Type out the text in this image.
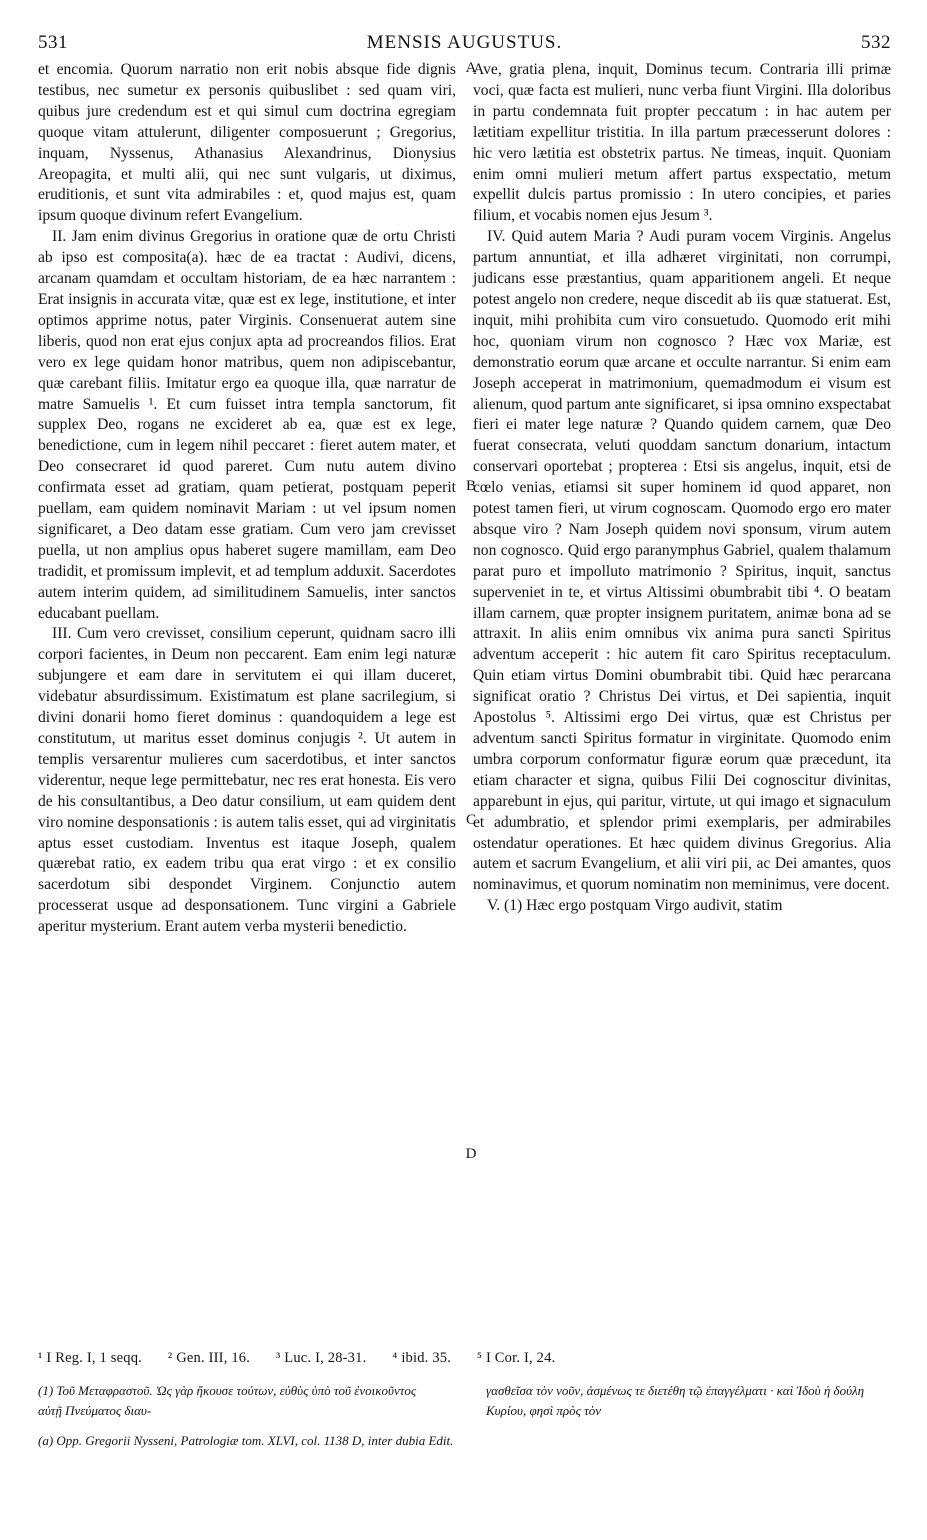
531	MENSIS AUGUSTUS.	532

et encomia. Quorum narratio non erit nobis absque fide dignis testibus, nec sumetur ex personis quibuslibet : sed quam viri, quibus jure credendum est et qui simul cum doctrina egregiam quoque vitam attulerunt, diligenter composuerunt ; Gregorius, inquam, Nyssenus, Athanasius Alexandrinus, Dionysius Areopagita, et multi alii, qui nec sunt vulgaris, ut diximus, eruditionis, et sunt vita admirabiles : et, quod majus est, quam ipsum quoque divinum refert Evangelium.

II. Jam enim divinus Gregorius in oratione quæ de ortu Christi ab ipso est composita(a). hæc de ea tractat : Audivi, dicens, arcanam quamdam et occultam historiam, de ea hæc narrantem : Erat insignis in accurata vitæ, quæ est ex lege, institutione, et inter optimos apprime notus, pater Virginis. Consenuerat autem sine liberis, quod non erat ejus conjux apta ad procreandos filios. Erat vero ex lege quidam honor matribus, quem non adipiscebantur, quæ carebant filiis. Imitatur ergo ea quoque illa, quæ narratur de matre Samuelis ¹. Et cum fuisset intra templa sanctorum, fit supplex Deo, rogans ne excideret ab ea, quæ est ex lege, benedictione, cum in legem nihil peccaret : fieret autem mater, et Deo consecraret id quod pareret. Cum nutu autem divino confirmata esset ad gratiam, quam petierat, postquam peperit puellam, eam quidem nominavit Mariam : ut vel ipsum nomen significaret, a Deo datam esse gratiam. Cum vero jam crevisset puella, ut non amplius opus haberet sugere mamillam, eam Deo tradidit, et promissum implevit, et ad templum adduxit. Sacerdotes autem interim quidem, ad similitudinem Samuelis, inter sanctos educabant puellam.

III. Cum vero crevisset, consilium ceperunt, quidnam sacro illi corpori facientes, in Deum non peccarent. Eam enim legi naturæ subjungere et eam dare in servitutem ei qui illam duceret, videbatur absurdissimum. Existimatum est plane sacrilegium, si divini donarii homo fieret dominus : quandoquidem a lege est constitutum, ut maritus esset dominus conjugis ². Ut autem in templis versarentur mulieres cum sacerdotibus, et inter sanctos viderentur, neque lege permittebatur, nec res erat honesta. Eis vero de his consultantibus, a Deo datur consilium, ut eam quidem dent viro nomine desponsationis : is autem talis esset, qui ad virginitatis aptus esset custodiam. Inventus est itaque Joseph, qualem quærebat ratio, ex eadem tribu qua erat virgo : et ex consilio sacerdotum sibi despondet Virginem. Conjunctio autem processerat usque ad desponsationem. Tunc virgini a Gabriele aperitur mysterium. Erant autem verba mysterii benedictio.

A
B
C
D

Ave, gratia plena, inquit, Dominus tecum. Contraria illi primæ voci, quæ facta est mulieri, nunc verba fiunt Virgini. Illa doloribus in partu condemnata fuit propter peccatum : in hac autem per lætitiam expellitur tristitia. In illa partum præcesserunt dolores : hic vero lætitia est obstetrix partus. Ne timeas, inquit. Quoniam enim omni mulieri metum affert partus exspectatio, metum expellit dulcis partus promissio : In utero concipies, et paries filium, et vocabis nomen ejus Jesum ³.

IV. Quid autem Maria ? Audi puram vocem Virginis. Angelus partum annuntiat, et illa adhæret virginitati, non corrumpi, judicans esse præstantius, quam apparitionem angeli. Et neque potest angelo non credere, neque discedit ab iis quæ statuerat. Est, inquit, mihi prohibita cum viro consuetudo. Quomodo erit mihi hoc, quoniam virum non cognosco ? Hæc vox Mariæ, est demonstratio eorum quæ arcane et occulte narrantur. Si enim eam Joseph acceperat in matrimonium, quemadmodum ei visum est alienum, quod partum ante significaret, si ipsa omnino exspectabat fieri ei mater lege naturæ ? Quando quidem carnem, quæ Deo fuerat consecrata, veluti quoddam sanctum donarium, intactum conservari oportebat ; propterea : Etsi sis angelus, inquit, etsi de cœlo venias, etiamsi sit super hominem id quod apparet, non potest tamen fieri, ut virum cognoscam. Quomodo ergo ero mater absque viro ? Nam Joseph quidem novi sponsum, virum autem non cognosco. Quid ergo paranymphus Gabriel, qualem thalamum parat puro et impolluto matrimonio ? Spiritus, inquit, sanctus superveniet in te, et virtus Altissimi obumbrabit tibi ⁴. O beatam illam carnem, quæ propter insignem puritatem, animæ bona ad se attraxit. In aliis enim omnibus vix anima pura sancti Spiritus adventum acceperit : hic autem fit caro Spiritus receptaculum. Quin etiam virtus Domini obumbrabit tibi. Quid hæc perarcana significat oratio ? Christus Dei virtus, et Dei sapientia, inquit Apostolus ⁵. Altissimi ergo Dei virtus, quæ est Christus per adventum sancti Spiritus formatur in virginitate. Quomodo enim umbra corporum conformatur figuræ eorum quæ præcedunt, ita etiam character et signa, quibus Filii Dei cognoscitur divinitas, apparebunt in ejus, qui paritur, virtute, ut qui imago et signaculum et adumbratio, et splendor primi exemplaris, per admirabiles ostendatur operationes. Et hæc quidem divinus Gregorius. Alia autem et sacrum Evangelium, et alii viri pii, ac Dei amantes, quos nominavimus, et quorum nominatim non meminimus, vere docent.

V. (1) Hæc ergo postquam Virgo audivit, statim

¹ I Reg. I, 1 seqq. ² Gen. III, 16. ³ Luc. I, 28-31. ⁴ ibid. 35. ⁵ I Cor. I, 24.
(1) Τοῦ Μεταφραστοῦ. Ὡς γὰρ ἤκουσε τούτων, εὐθὺς ὑπὸ τοῦ ἐνοικοῦντος αὐτῇ Πνεύματος διαυ-
γασθεῖσα τὸν νοῦν, ἀσμένως τε διετέθη τῷ ἐπαγγέλματι · καὶ Ἰδοὺ ἡ δούλη Κυρίου, φησὶ πρὸς τὸν
(a) Opp. Gregorii Nysseni, Patrologiæ tom. XLVI, col. 1138 D, inter dubia Edit.
